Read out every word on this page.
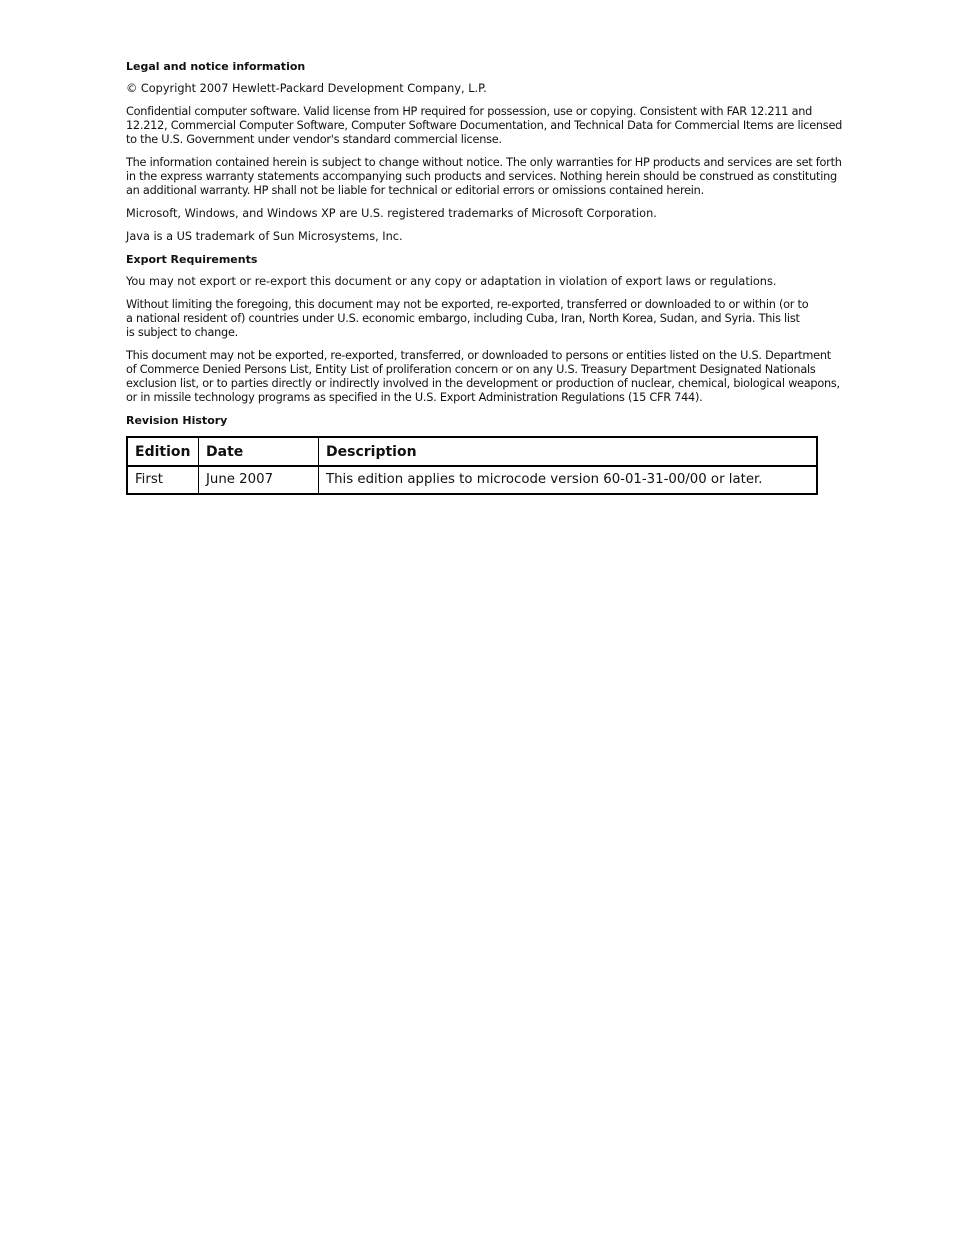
Legal and notice information
© Copyright 2007 Hewlett-Packard Development Company, L.P.
Confidential computer software. Valid license from HP required for possession, use or copying. Consistent with FAR 12.211 and
12.212, Commercial Computer Software, Computer Software Documentation, and Technical Data for Commercial Items are licensed
to the U.S. Government under vendor's standard commercial license.
The information contained herein is subject to change without notice. The only warranties for HP products and services are set forth
in the express warranty statements accompanying such products and services. Nothing herein should be construed as constituting
an additional warranty. HP shall not be liable for technical or editorial errors or omissions contained herein.
Microsoft, Windows, and Windows XP are U.S. registered trademarks of Microsoft Corporation.
Java is a US trademark of Sun Microsystems, Inc.
Export Requirements
You may not export or re-export this document or any copy or adaptation in violation of export laws or regulations.
Without limiting the foregoing, this document may not be exported, re-exported, transferred or downloaded to or within (or to
a national resident of) countries under U.S. economic embargo, including Cuba, Iran, North Korea, Sudan, and Syria. This list
is subject to change.
This document may not be exported, re-exported, transferred, or downloaded to persons or entities listed on the U.S. Department
of Commerce Denied Persons List, Entity List of proliferation concern or on any U.S. Treasury Department Designated Nationals
exclusion list, or to parties directly or indirectly involved in the development or production of nuclear, chemical, biological weapons,
or in missile technology programs as specified in the U.S. Export Administration Regulations (15 CFR 744).
Revision History
Edition	Date	Description
First	June 2007	This edition applies to microcode version 60-01-31-00/00 or later.
